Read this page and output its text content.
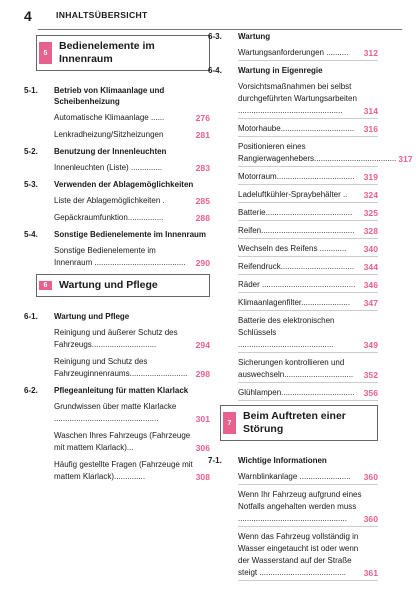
4	INHALTSÜBERSICHT
5
Bedienelemente im Innenraum
5-1.	Betrieb von Klimaanlage und Scheibenheizung
Automatische Klimaanlage ......	276
Lenkradheizung/Sitzheizungen	281
5-2.	Benutzung der Innenleuchten
Innenleuchten (Liste) ..............	283
5-3.	Verwenden der Ablagemöglichkeiten
Liste der Ablagemöglichkeiten .	285
Gepäckraumfunktion................	288
5-4.	Sonstige Bedienelemente im Innenraum
Sonstige Bedienelemente im Innenraum .........................................	290
6	Wartung und Pflege
6-1.	Wartung und Pflege
Reinigung und äußerer Schutz des Fahrzeugs.............................	294
Reinigung und Schutz des Fahrzeuginnenraums.......................... 298
6-2.	Pflegeanleitung für matten Klarlack
Grundwissen über matte Klarlacke ...............................................	301
Waschen Ihres Fahrzeugs (Fahrzeuge mit mattem Klarlack)...	306
Häufig gestellte Fragen (Fahrzeuge mit mattem Klarlack)..............	308
6-3.	Wartung
Wartungsanforderungen ..........	312
6-4.	Wartung in Eigenregie
Vorsichtsmaßnahmen bei selbst durchgeführten Wartungsarbeiten ...............................................	314
Motorhaube.................................	316
Positionieren eines Rangierwagenhebers..................................... 317
Motorraum...................................	319
Ladeluftkühler-Spraybehälter ..	324
Batterie.......................................	325
Reifen..........................................	328
Wechseln des Reifens ............	340
Reifendruck.................................	344
Räder .......................................... 346
Klimaanlagenfilter......................	347
Batterie des elektronischen Schlüssels ...........................................	349
Sicherungen kontrollieren und auswechseln...............................	352
Glühlampen.................................	356
7
Beim Auftreten einer Störung
7-1.	Wichtige Informationen
Warnblinkanlage .......................	360
Wenn Ihr Fahrzeug aufgrund eines Notfalls angehalten werden muss .................................................	360
Wenn das Fahrzeug vollständig in Wasser eingetaucht ist oder wenn der Wasserstand auf der Straße steigt .......................................	361
